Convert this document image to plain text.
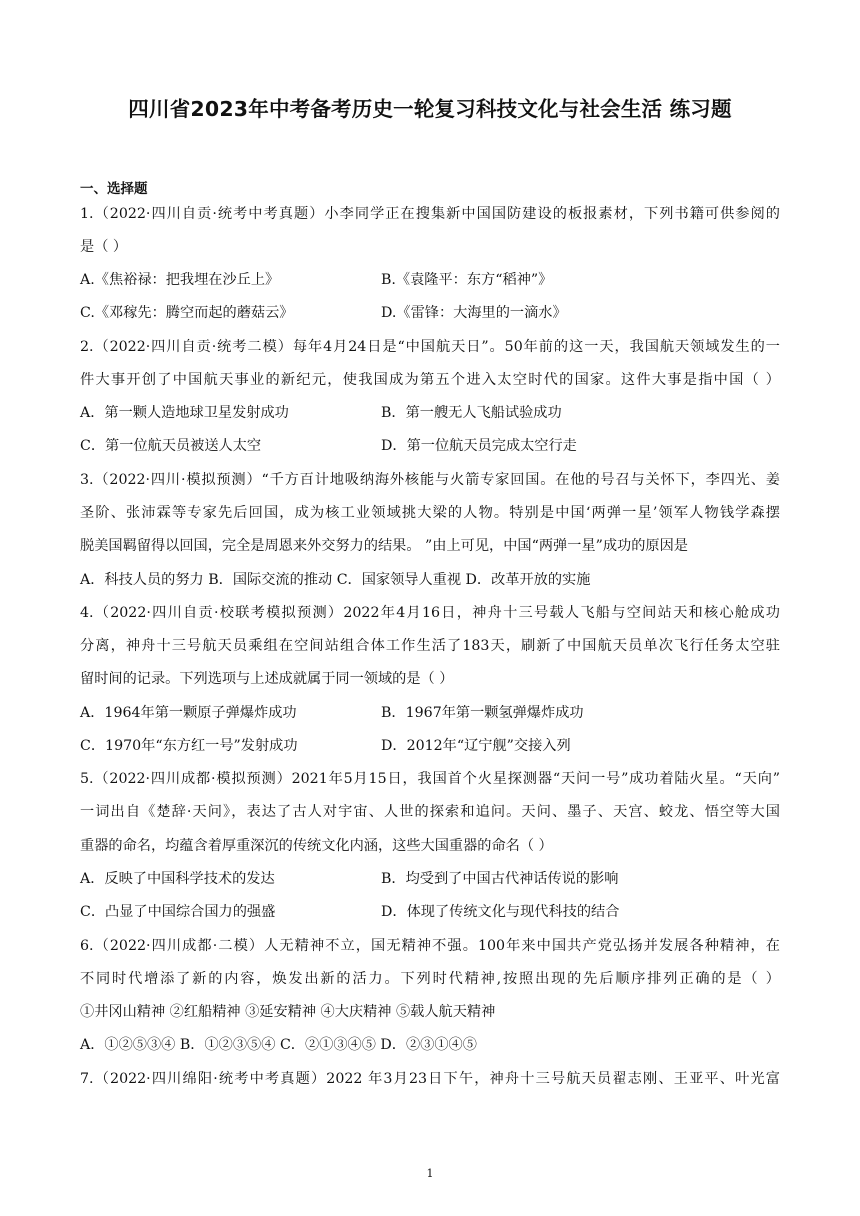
四川省2023年中考备考历史一轮复习科技文化与社会生活 练习题
一、选择题
1.（2022·四川自贡·统考中考真题）小李同学正在搜集新中国国防建设的板报素材，下列书籍可供参阅的
是（ ）
A.《焦裕禄：把我埋在沙丘上》	B.《袁隆平：东方“稻神”》
C.《邓稼先：腾空而起的蘑菇云》	D.《雷锋：大海里的一滴水》
2.（2022·四川自贡·统考二模）每年4月24日是“中国航天日”。50年前的这一天，我国航天领域发生的一
件大事开创了中国航天事业的新纪元，使我国成为第五个进入太空时代的国家。这件大事是指中国（ ）
A．第一颗人造地球卫星发射成功	B．第一艘无人飞船试验成功
C．第一位航天员被送人太空	D．第一位航天员完成太空行走
3.（2022·四川·模拟预测）“千方百计地吸纳海外核能与火箭专家回国。在他的号召与关怀下，李四光、姜
圣阶、张沛霖等专家先后回国，成为核工业领域挑大梁的人物。特别是中国‘两弹一星’领军人物钱学森摆
脱美国羁留得以回国，完全是周恩来外交努力的结果。 ”由上可见，中国“两弹一星”成功的原因是
A．科技人员的努力 B．国际交流的推动 C．国家领导人重视 D．改革开放的实施
4.（2022·四川自贡·校联考模拟预测）2022年4月16日，神舟十三号载人飞船与空间站天和核心舱成功
分离，神舟十三号航天员乘组在空间站组合体工作生活了183天，刷新了中国航天员单次飞行任务太空驻
留时间的记录。下列选项与上述成就属于同一领域的是（ ）
A．1964年第一颗原子弹爆炸成功	B．1967年第一颗氢弹爆炸成功
C．1970年“东方红一号”发射成功	D．2012年“辽宁舰”交接入列
5.（2022·四川成都·模拟预测）2021年5月15日，我国首个火星探测器“天问一号”成功着陆火星。“天向”
一词出自《楚辞·天问》，表达了古人对宇宙、人世的探索和追问。天问、墨子、天宫、蛟龙、悟空等大国
重器的命名，均蕴含着厚重深沉的传统文化内涵，这些大国重器的命名（ ）
A．反映了中国科学技术的发达	B．均受到了中国古代神话传说的影响
C．凸显了中国综合国力的强盛	D．体现了传统文化与现代科技的结合
6.（2022·四川成都·二模）人无精神不立，国无精神不强。100年来中国共产党弘扬并发展各种精神，在
不同时代增添了新的内容，焕发出新的活力。下列时代精神,按照出现的先后顺序排列正确的是（ ）
①井冈山精神 ②红船精神 ③延安精神 ④大庆精神 ⑤载人航天精神
A．①②⑤③④ B．①②③⑤④ C．②①③④⑤ D．②③①④⑤
7.（2022·四川绵阳·统考中考真题）2022 年3月23日下午，神舟十三号航天员翟志刚、王亚平、叶光富
1
